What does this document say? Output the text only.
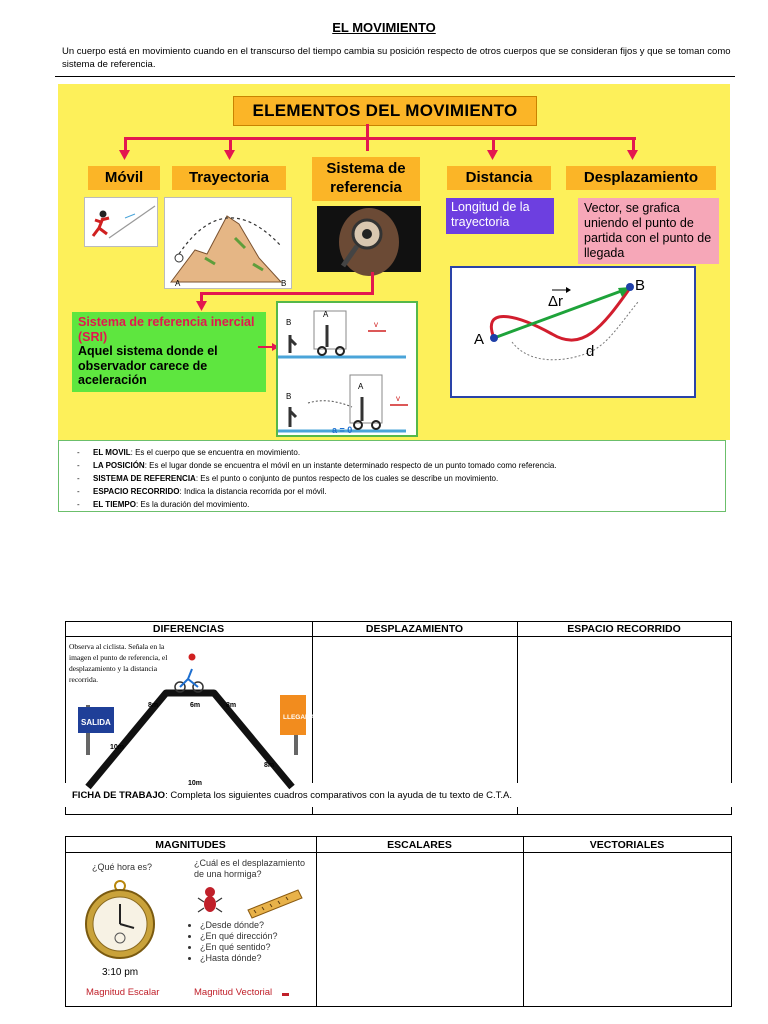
EL MOVIMIENTO
Un cuerpo está en movimiento cuando en el transcurso del tiempo cambia su posición respecto de otros cuerpos que se consideran fijos y que se toman como sistema de referencia.
ELEMENTOS DEL MOVIMIENTO
Móvil	Trayectoria
Sistema de referencia
Distancia	Desplazamiento
A	B
Longitud de la trayectoria
Vector, se grafica uniendo el punto de partida con el punto de llegada
Sistema de referencia inercial (SRI)
Aquel sistema donde el observador carece de aceleración
B
A
v
B
A
v
a = 0
A
B
Δr
d
- EL MOVIL: Es el cuerpo que se encuentra en movimiento.
- LA POSICIÓN: Es el lugar donde se encuentra el móvil en un instante determinado respecto de un punto tomado como referencia.
- SISTEMA DE REFERENCIA: Es el punto o conjunto de puntos respecto de los cuales se describe un movimiento.
- ESPACIO RECORRIDO: Indica la distancia recorrida por el móvil.
- EL TIEMPO: Es la duración del movimiento.
DIFERENCIAS	DESPLAZAMIENTO	ESPACIO RECORRIDO
Observa al ciclista. Señala en la imagen el punto de referencia, el desplazamiento y la distancia recorrida.
SALIDA
LLEGADA
8m	6m	8m
10m
8m
10m
FICHA DE TRABAJO: Completa los siguientes cuadros comparativos con la ayuda de tu texto de C.T.A.
MAGNITUDES	ESCALARES	VECTORIALES
¿Qué hora es?
3:10 pm
Magnitud Escalar
¿Cuál es el desplazamiento de una hormiga?
• ¿Desde dónde?
• ¿En qué dirección?
• ¿En qué sentido?
• ¿Hasta dónde?
Magnitud Vectorial
